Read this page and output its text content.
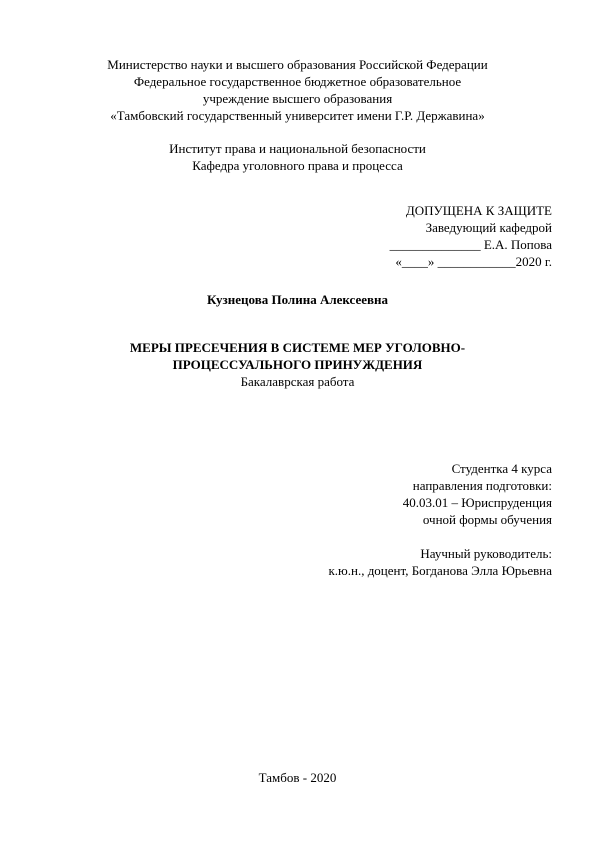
Министерство науки и высшего образования Российской Федерации
Федеральное государственное бюджетное образовательное
учреждение высшего образования
«Тамбовский государственный университет имени Г.Р. Державина»
Институт права и национальной безопасности
Кафедра уголовного права и процесса
ДОПУЩЕНА К ЗАЩИТЕ
Заведующий кафедрой
______________ Е.А. Попова
«____» ____________2020 г.
Кузнецова Полина Алексеевна
МЕРЫ ПРЕСЕЧЕНИЯ В СИСТЕМЕ МЕР УГОЛОВНО-
ПРОЦЕССУАЛЬНОГО ПРИНУЖДЕНИЯ
Бакалаврская работа
Студентка 4 курса
направления подготовки:
40.03.01 – Юриспруденция
очной формы обучения
Научный руководитель:
к.ю.н., доцент, Богданова Элла Юрьевна
Тамбов - 2020
